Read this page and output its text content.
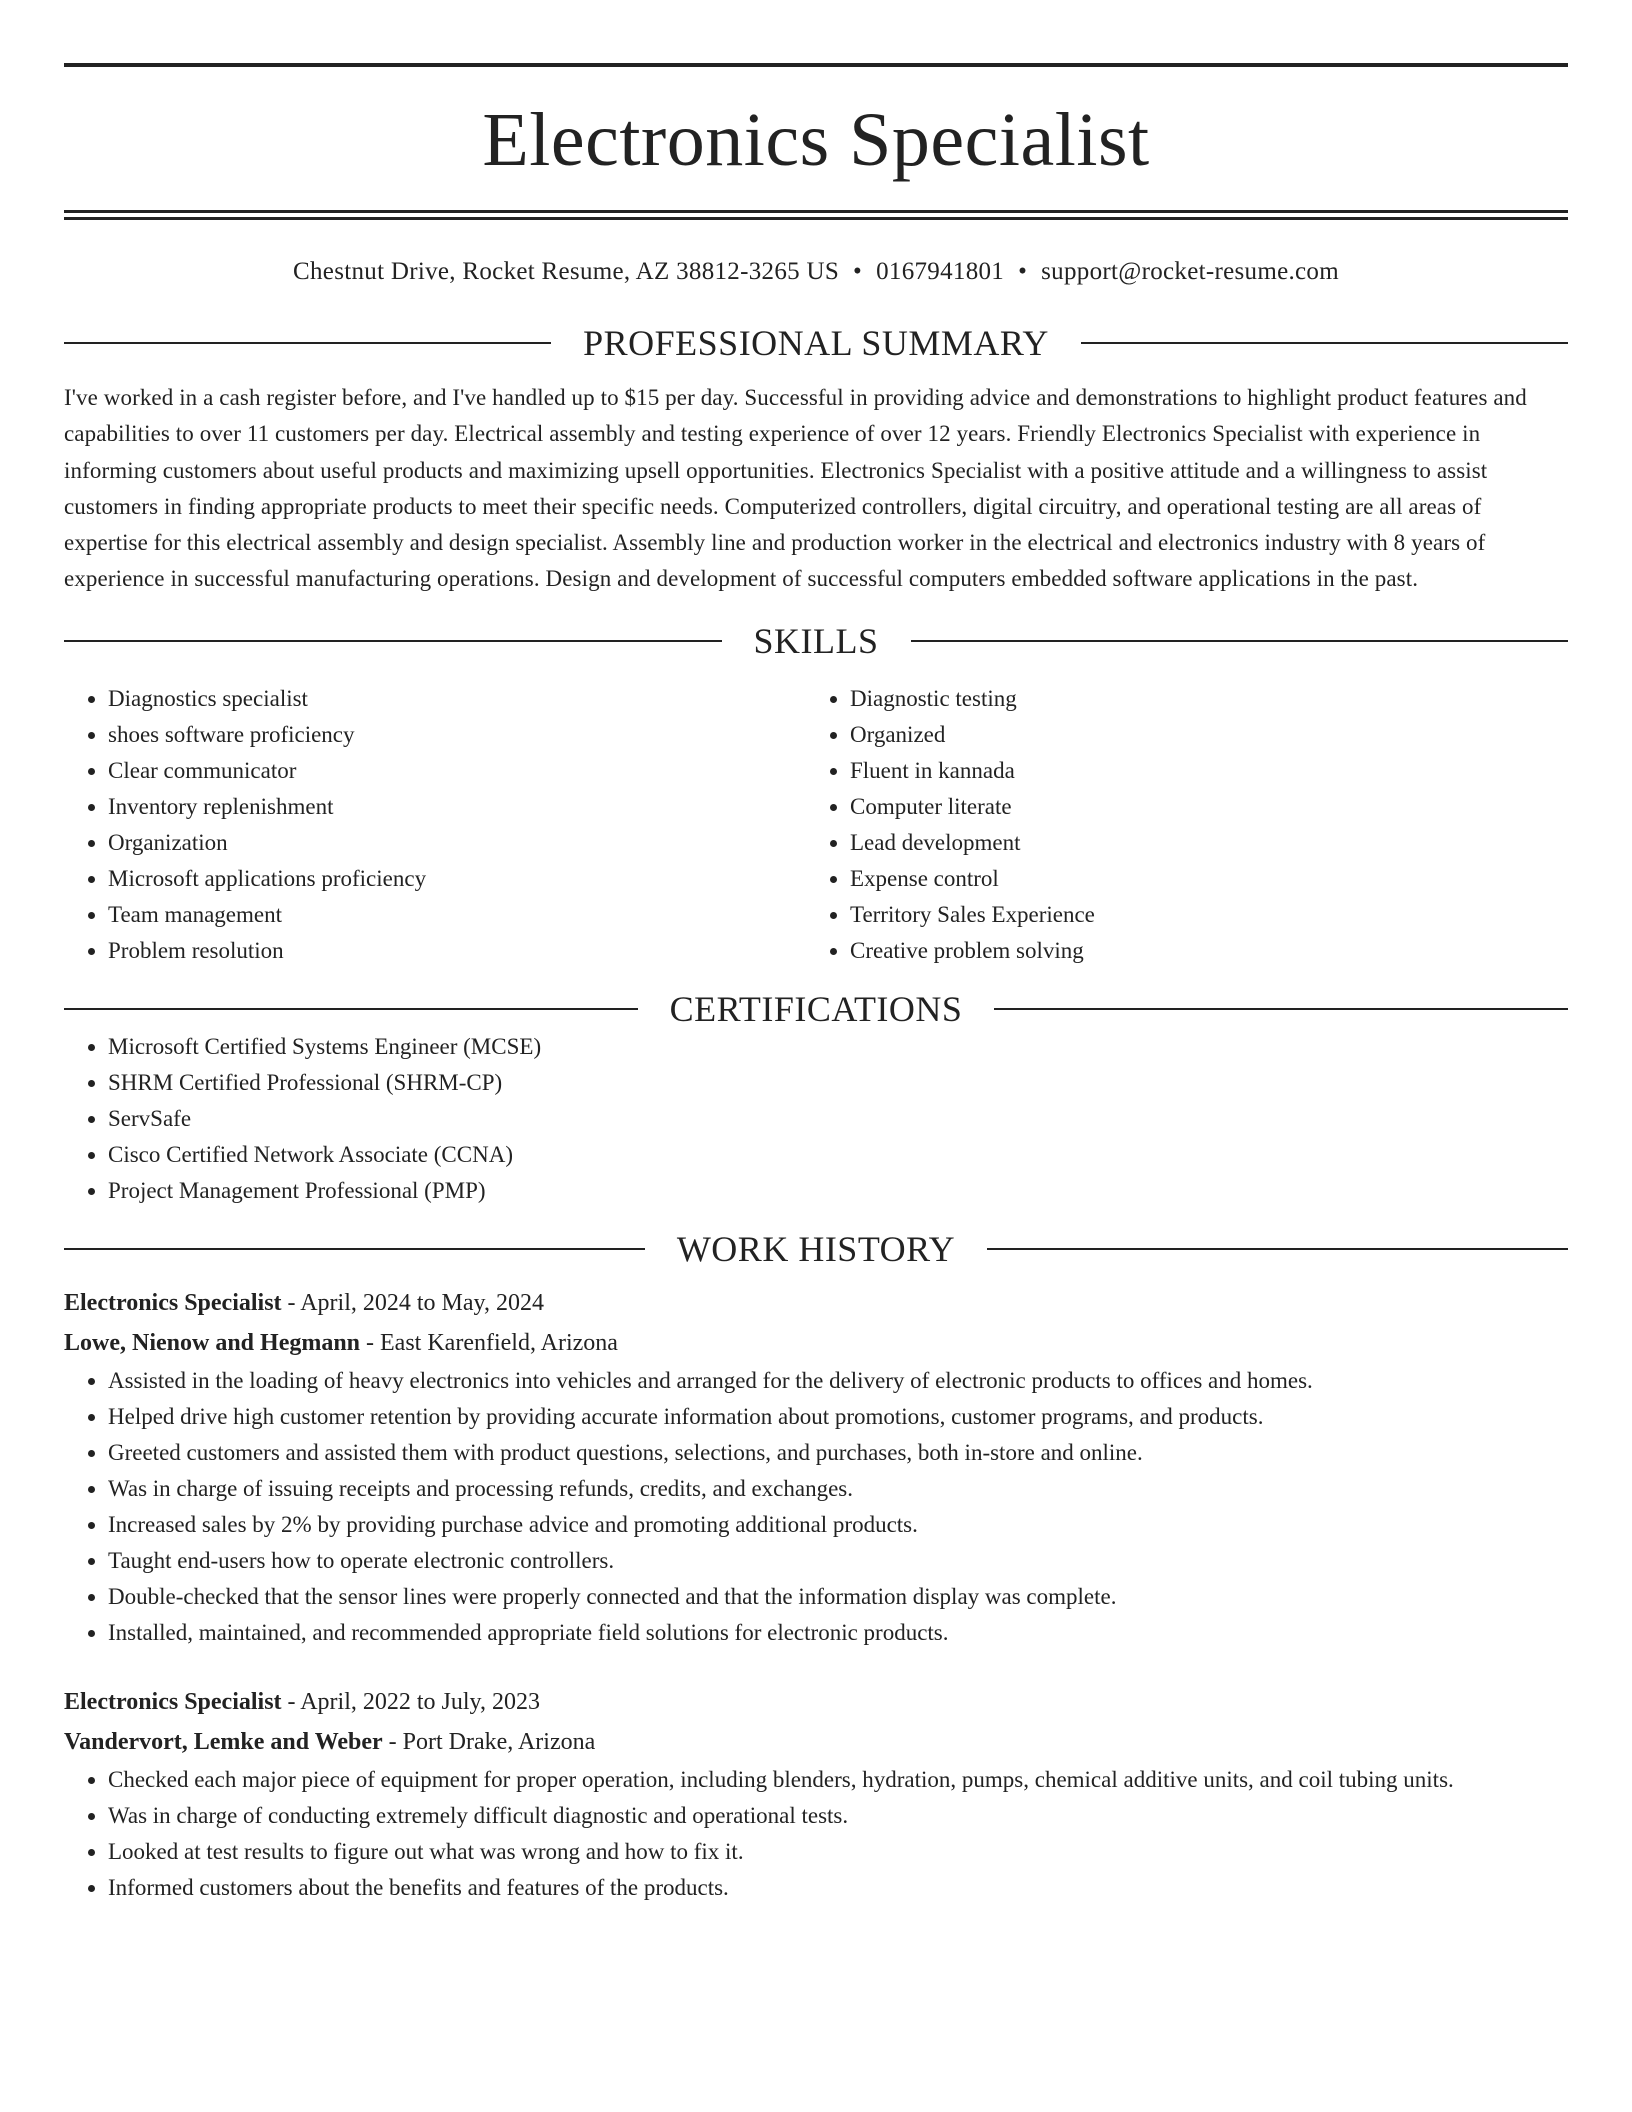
Electronics Specialist
Chestnut Drive, Rocket Resume, AZ 38812-3265 US • 0167941801 • support@rocket-resume.com
PROFESSIONAL SUMMARY
I've worked in a cash register before, and I've handled up to $15 per day. Successful in providing advice and demonstrations to highlight product features and capabilities to over 11 customers per day. Electrical assembly and testing experience of over 12 years. Friendly Electronics Specialist with experience in informing customers about useful products and maximizing upsell opportunities. Electronics Specialist with a positive attitude and a willingness to assist customers in finding appropriate products to meet their specific needs. Computerized controllers, digital circuitry, and operational testing are all areas of expertise for this electrical assembly and design specialist. Assembly line and production worker in the electrical and electronics industry with 8 years of experience in successful manufacturing operations. Design and development of successful computers embedded software applications in the past.
SKILLS
• Diagnostics specialist
• shoes software proficiency
• Clear communicator
• Inventory replenishment
• Organization
• Microsoft applications proficiency
• Team management
• Problem resolution
• Diagnostic testing
• Organized
• Fluent in kannada
• Computer literate
• Lead development
• Expense control
• Territory Sales Experience
• Creative problem solving
CERTIFICATIONS
• Microsoft Certified Systems Engineer (MCSE)
• SHRM Certified Professional (SHRM-CP)
• ServSafe
• Cisco Certified Network Associate (CCNA)
• Project Management Professional (PMP)
WORK HISTORY
Electronics Specialist - April, 2024 to May, 2024
Lowe, Nienow and Hegmann - East Karenfield, Arizona
• Assisted in the loading of heavy electronics into vehicles and arranged for the delivery of electronic products to offices and homes.
• Helped drive high customer retention by providing accurate information about promotions, customer programs, and products.
• Greeted customers and assisted them with product questions, selections, and purchases, both in-store and online.
• Was in charge of issuing receipts and processing refunds, credits, and exchanges.
• Increased sales by 2% by providing purchase advice and promoting additional products.
• Taught end-users how to operate electronic controllers.
• Double-checked that the sensor lines were properly connected and that the information display was complete.
• Installed, maintained, and recommended appropriate field solutions for electronic products.
Electronics Specialist - April, 2022 to July, 2023
Vandervort, Lemke and Weber - Port Drake, Arizona
• Checked each major piece of equipment for proper operation, including blenders, hydration, pumps, chemical additive units, and coil tubing units.
• Was in charge of conducting extremely difficult diagnostic and operational tests.
• Looked at test results to figure out what was wrong and how to fix it.
• Informed customers about the benefits and features of the products.
